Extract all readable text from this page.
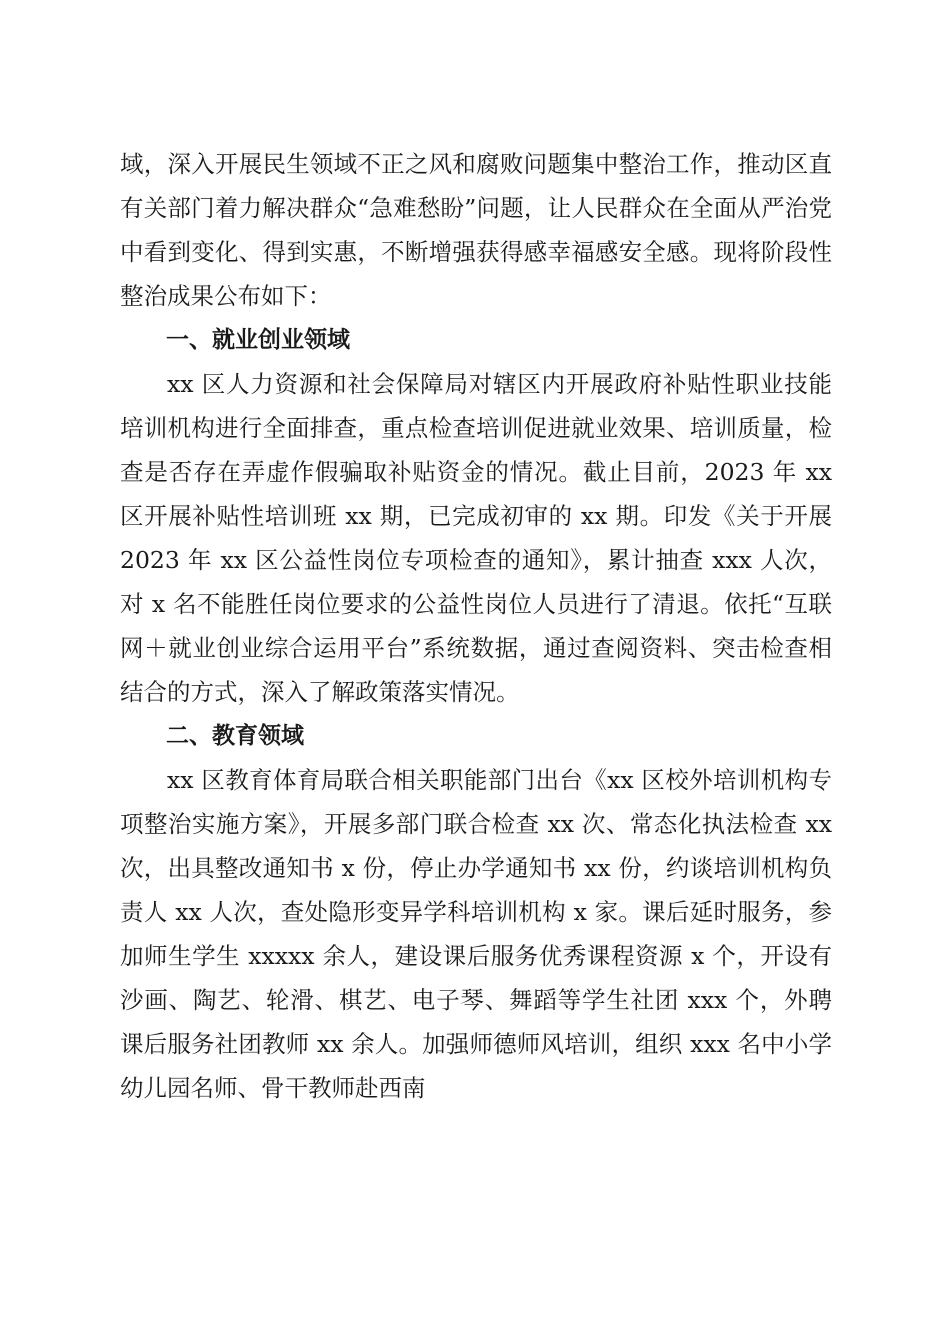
域，深入开展民生领域不正之风和腐败问题集中整治工作，推动区直有关部门着力解决群众“急难愁盼”问题，让人民群众在全面从严治党中看到变化、得到实惠，不断增强获得感幸福感安全感。现将阶段性整治成果公布如下：

一、就业创业领域

xx 区人力资源和社会保障局对辖区内开展政府补贴性职业技能培训机构进行全面排查，重点检查培训促进就业效果、培训质量，检查是否存在弄虚作假骗取补贴资金的情况。截止目前，2023 年 xx 区开展补贴性培训班 xx 期，已完成初审的 xx 期。印发《关于开展 2023 年 xx 区公益性岗位专项检查的通知》，累计抽查 xxx 人次，对 x 名不能胜任岗位要求的公益性岗位人员进行了清退。依托“互联网＋就业创业综合运用平台”系统数据，通过查阅资料、突击检查相结合的方式，深入了解政策落实情况。

二、教育领域

xx 区教育体育局联合相关职能部门出台《xx 区校外培训机构专项整治实施方案》，开展多部门联合检查 xx 次、常态化执法检查 xx 次，出具整改通知书 x 份，停止办学通知书 xx 份，约谈培训机构负责人 xx 人次，查处隐形变异学科培训机构 x 家。课后延时服务，参加师生学生 xxxxx 余人，建设课后服务优秀课程资源 x 个，开设有沙画、陶艺、轮滑、棋艺、电子琴、舞蹈等学生社团 xxx 个，外聘课后服务社团教师 xx 余人。加强师德师风培训，组织 xxx 名中小学幼儿园名师、骨干教师赴西南
